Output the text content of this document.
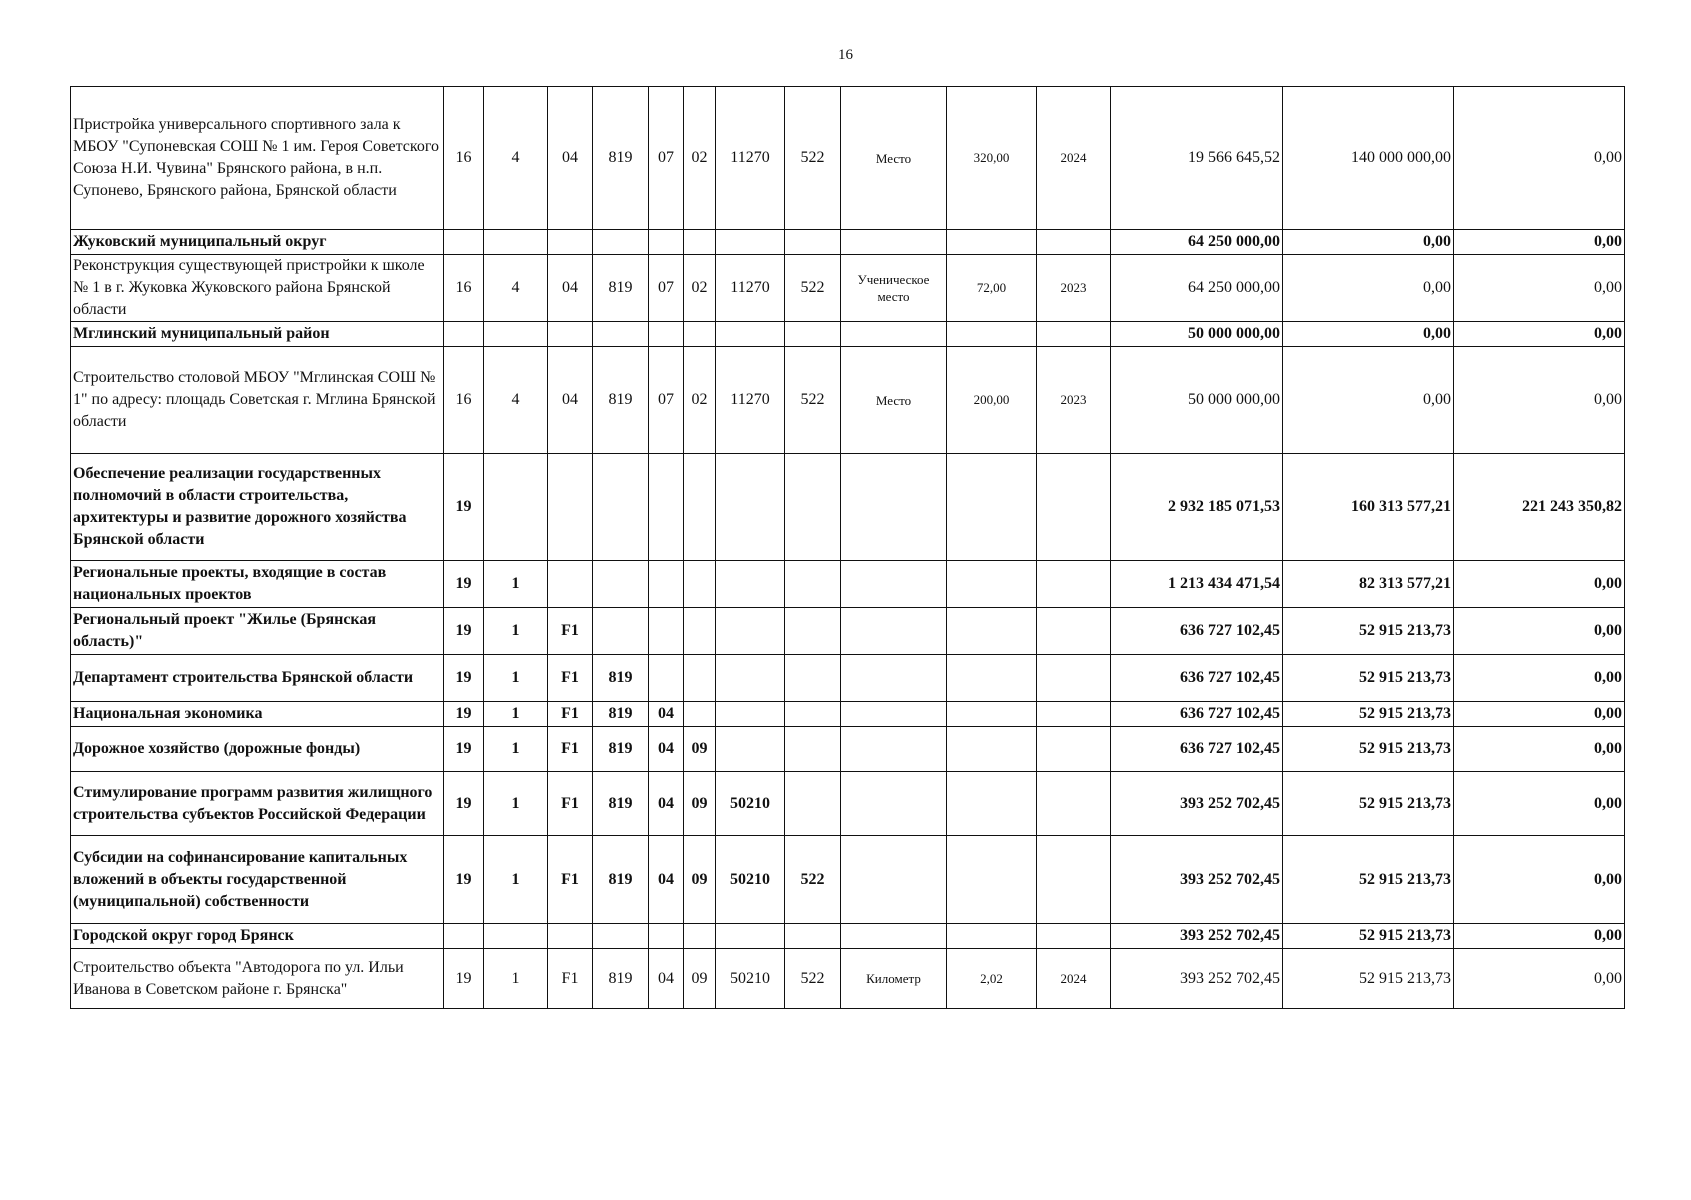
16
Пристройка универсального спортивного зала к МБОУ "Супоневская СОШ № 1 им. Героя Советского Союза Н.И. Чувина" Брянского района, в н.п. Супонево, Брянского района, Брянской области	16	4	04	819	07	02	11270	522	Место	320,00	2024	19 566 645,52	140 000 000,00	0,00
Жуковский муниципальный округ												64 250 000,00	0,00	0,00
Реконструкция существующей пристройки к школе № 1 в г. Жуковка Жуковского района Брянской области	16	4	04	819	07	02	11270	522	Ученическое место	72,00	2023	64 250 000,00	0,00	0,00
Мглинский муниципальный район												50 000 000,00	0,00	0,00
Строительство столовой МБОУ "Мглинская СОШ № 1" по адресу: площадь Советская г. Мглина Брянской области	16	4	04	819	07	02	11270	522	Место	200,00	2023	50 000 000,00	0,00	0,00
Обеспечение реализации государственных полномочий в области строительства, архитектуры и развитие дорожного хозяйства Брянской области	19											2 932 185 071,53	160 313 577,21	221 243 350,82
Региональные проекты, входящие в состав национальных проектов	19	1										1 213 434 471,54	82 313 577,21	0,00
Региональный проект "Жилье (Брянская область)"	19	1	F1									636 727 102,45	52 915 213,73	0,00
Департамент строительства Брянской области	19	1	F1	819								636 727 102,45	52 915 213,73	0,00
Национальная экономика	19	1	F1	819	04							636 727 102,45	52 915 213,73	0,00
Дорожное хозяйство (дорожные фонды)	19	1	F1	819	04	09						636 727 102,45	52 915 213,73	0,00
Стимулирование программ развития жилищного строительства субъектов Российской Федерации	19	1	F1	819	04	09	50210					393 252 702,45	52 915 213,73	0,00
Субсидии на софинансирование капитальных вложений в объекты государственной (муниципальной) собственности	19	1	F1	819	04	09	50210	522				393 252 702,45	52 915 213,73	0,00
Городской округ город Брянск												393 252 702,45	52 915 213,73	0,00
Строительство объекта "Автодорога по ул. Ильи Иванова в Советском районе г. Брянска"	19	1	F1	819	04	09	50210	522	Километр	2,02	2024	393 252 702,45	52 915 213,73	0,00
